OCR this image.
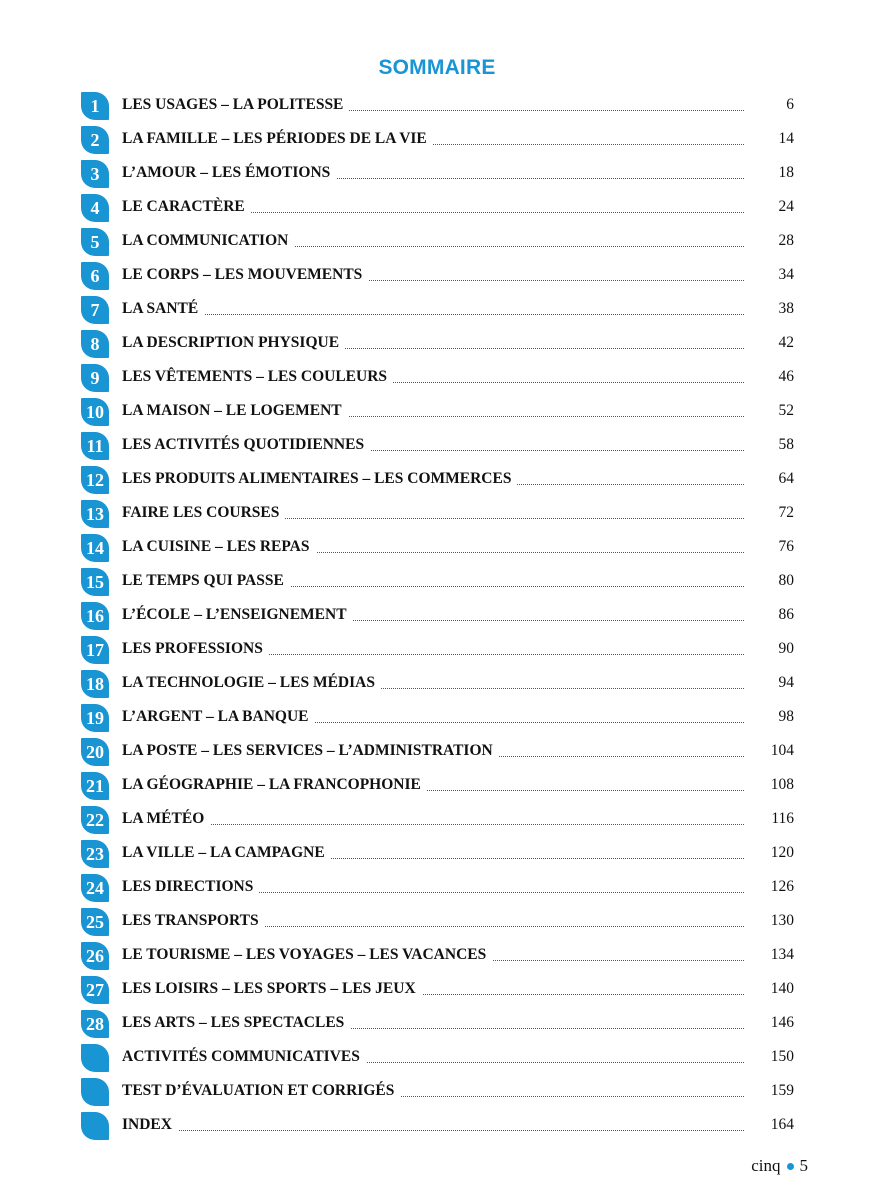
SOMMAIRE
1	LES USAGES – LA POLITESSE	6
2	LA FAMILLE – LES PÉRIODES DE LA VIE	14
3	L’AMOUR – LES ÉMOTIONS	18
4	LE CARACTÈRE	24
5	LA COMMUNICATION	28
6	LE CORPS – LES MOUVEMENTS	34
7	LA SANTÉ	38
8	LA DESCRIPTION PHYSIQUE	42
9	LES VÊTEMENTS – LES COULEURS	46
10	LA MAISON – LE LOGEMENT	52
11	LES ACTIVITÉS QUOTIDIENNES	58
12	LES PRODUITS ALIMENTAIRES – LES COMMERCES	64
13	FAIRE LES COURSES	72
14	LA CUISINE – LES REPAS	76
15	LE TEMPS QUI PASSE	80
16	L’ÉCOLE – L’ENSEIGNEMENT	86
17	LES PROFESSIONS	90
18	LA TECHNOLOGIE – LES MÉDIAS	94
19	L’ARGENT – LA BANQUE	98
20	LA POSTE – LES SERVICES – L’ADMINISTRATION	104
21	LA GÉOGRAPHIE – LA FRANCOPHONIE	108
22	LA MÉTÉO	116
23	LA VILLE – LA CAMPAGNE	120
24	LES DIRECTIONS	126
25	LES TRANSPORTS	130
26	LE TOURISME – LES VOYAGES – LES VACANCES	134
27	LES LOISIRS – LES SPORTS – LES JEUX	140
28	LES ARTS – LES SPECTACLES	146
ACTIVITÉS COMMUNICATIVES	150
TEST D’ÉVALUATION ET CORRIGÉS	159
INDEX	164
cinq 5
